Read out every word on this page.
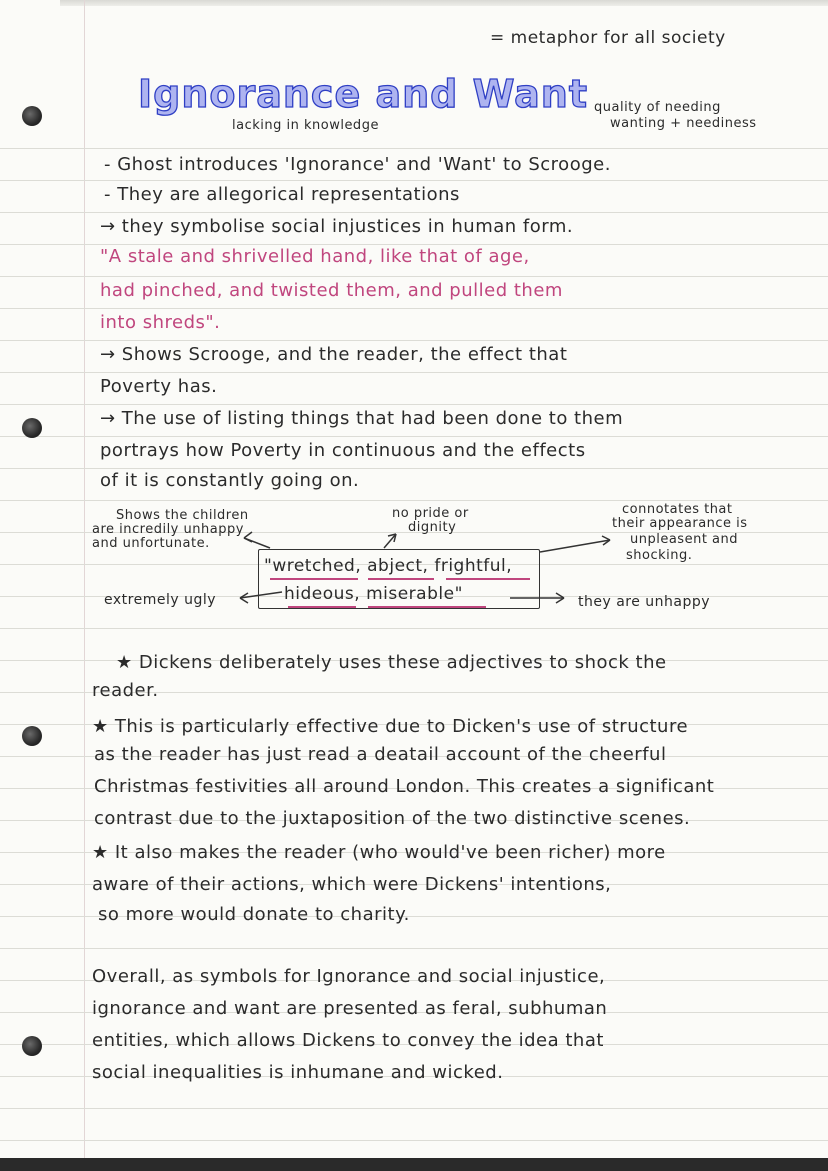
= metaphor for all society
Ignorance and Want
lacking in knowledge
quality of needing
wanting + neediness
- Ghost introduces 'Ignorance' and 'Want' to Scrooge.
- They are allegorical representations
→ they symbolise social injustices in human form.
"A stale and shrivelled hand, like that of age,
had pinched, and twisted them, and pulled them
into shreds".
→ Shows Scrooge, and the reader, the effect that
Poverty has.
→ The use of listing things that had been done to them
portrays how Poverty in continuous and the effects
of it is constantly going on.
Shows the children
are incredily unhappy
and unfortunate.
no pride or
dignity
connotates that
their appearance is
unpleasent and
shocking.
"wretched, abject, frightful,
hideous, miserable"
extremely ugly	they are unhappy
★ Dickens deliberately uses these adjectives to shock the
reader.
★ This is particularly effective due to Dicken's use of structure
as the reader has just read a deatail account of the cheerful
Christmas festivities all around London. This creates a significant
contrast due to the juxtaposition of the two distinctive scenes.
★ It also makes the reader (who would've been richer) more
aware of their actions, which were Dickens' intentions,
so more would donate to charity.
Overall, as symbols for Ignorance and social injustice,
ignorance and want are presented as feral, subhuman
entities, which allows Dickens to convey the idea that
social inequalities is inhumane and wicked.
